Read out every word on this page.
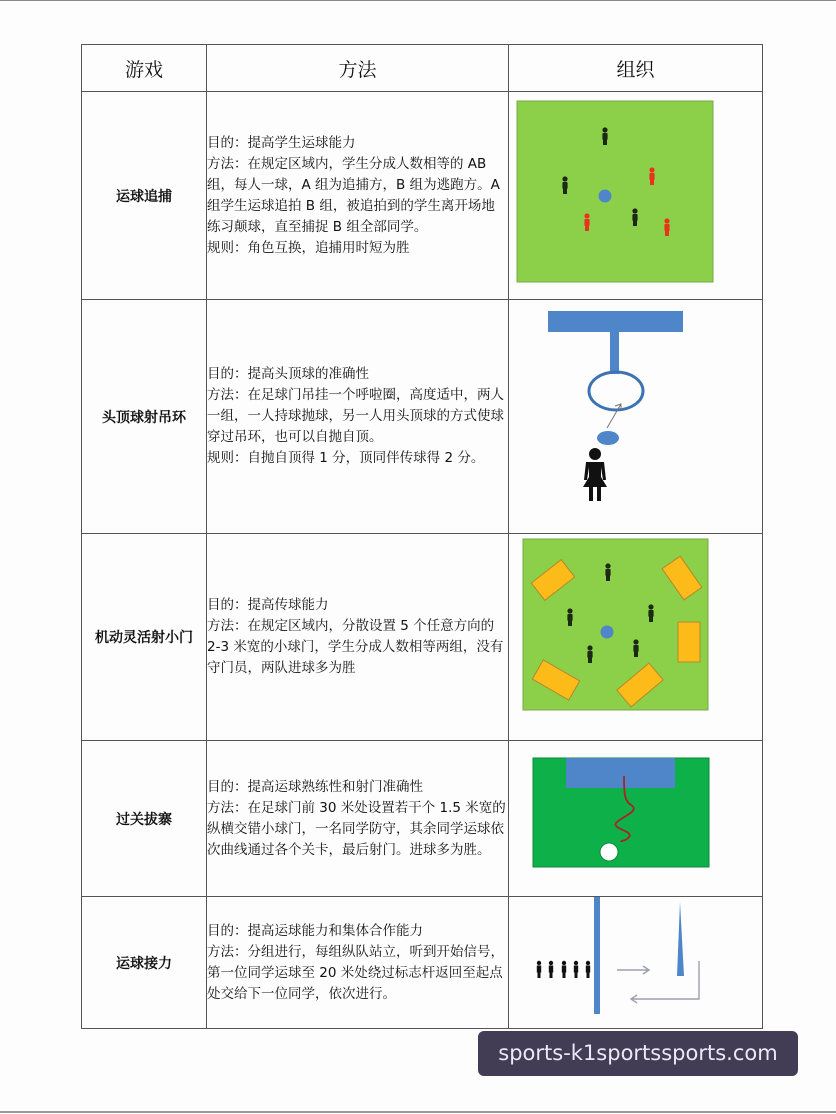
游戏	方法	组织
运球追捕	目的：提高学生运球能力

方法：在规定区域内，学生分成人数相等的 AB 组，每人一球，A 组为追捕方，B 组为逃跑方。A 组学生运球追拍 B 组，被追拍到的学生离开场地练习颠球，直至捕捉 B 组全部同学。

规则：角色互换，追捕用时短为胜

头顶球射吊环	目的：提高头顶球的准确性

方法：在足球门吊挂一个呼啦圈，高度适中，两人一组，一人持球抛球，另一人用头顶球的方式使球穿过吊环，也可以自抛自顶。

规则：自抛自顶得 1 分，顶同伴传球得 2 分。

机动灵活射小门	目的：提高传球能力

方法：在规定区域内，分散设置 5 个任意方向的 2-3 米宽的小球门，学生分成人数相等两组，没有守门员，两队进球多为胜

过关拔寨	目的：提高运球熟练性和射门准确性

方法：在足球门前 30 米处设置若干个 1.5 米宽的纵横交错小球门，一名同学防守，其余同学运球依次曲线通过各个关卡，最后射门。进球多为胜。

运球接力	目的：提高运球能力和集体合作能力

方法：分组进行，每组纵队站立，听到开始信号，第一位同学运球至 20 米处绕过标志杆返回至起点处交给下一位同学，依次进行。

sports-k1sportssports.com
